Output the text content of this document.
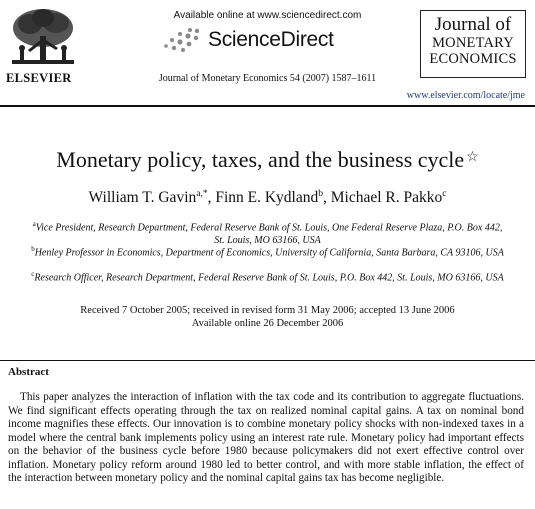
ELSEVIER
Available online at www.sciencedirect.com
ScienceDirect
Journal of Monetary Economics 54 (2007) 1587–1611
Journal of
MONETARY
ECONOMICS
www.elsevier.com/locate/jme
Monetary policy, taxes, and the business cycle ☆
William T. Gavin$^{a,*}$, Finn E. Kydland$^b$, Michael R. Pakko$^c$
$^a$Vice President, Research Department, Federal Reserve Bank of St. Louis, One Federal Reserve Plaza, P.O. Box 442, St. Louis, MO 63166, USA
$^b$Henley Professor in Economics, Department of Economics, University of California, Santa Barbara, CA 93106, USA
$^c$Research Officer, Research Department, Federal Reserve Bank of St. Louis, P.O. Box 442, St. Louis, MO 63166, USA
Received 7 October 2005; received in revised form 31 May 2006; accepted 13 June 2006
Available online 26 December 2006
Abstract
This paper analyzes the interaction of inflation with the tax code and its contribution to aggregate fluctuations. We find significant effects operating through the tax on realized nominal capital gains. A tax on nominal bond income magnifies these effects. Our innovation is to combine monetary policy shocks with non-indexed taxes in a model where the central bank implements policy using an interest rate rule. Monetary policy had important effects on the behavior of the business cycle before 1980 because policymakers did not exert effective control over inflation. Monetary policy reform around 1980 led to better control, and with more stable inflation, the effect of the interaction between monetary policy and the nominal capital gains tax has become negligible.
